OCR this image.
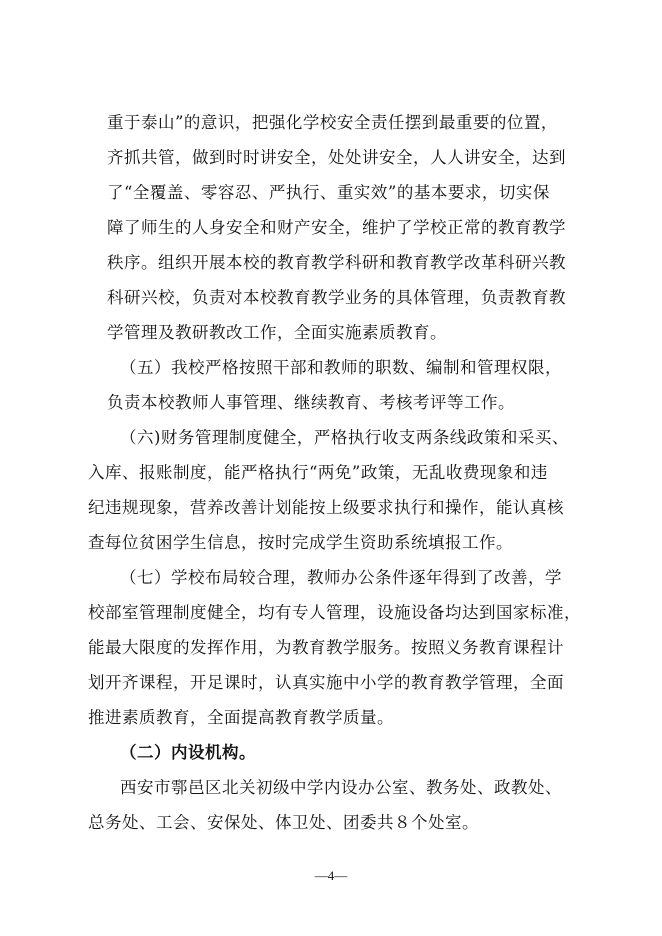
重于泰山”的意识，把强化学校安全责任摆到最重要的位置，
齐抓共管，做到时时讲安全，处处讲安全，人人讲安全，达到
了“全覆盖、零容忍、严执行、重实效”的基本要求，切实保
障了师生的人身安全和财产安全，维护了学校正常的教育教学
秩序。组织开展本校的教育教学科研和教育教学改革科研兴教
科研兴校，负责对本校教育教学业务的具体管理，负责教育教
学管理及教研教改工作，全面实施素质教育。
（五）我校严格按照干部和教师的职数、编制和管理权限，
负责本校教师人事管理、继续教育、考核考评等工作。
（六)财务管理制度健全，严格执行收支两条线政策和采买、
入库、报账制度，能严格执行“两免”政策，无乱收费现象和违
纪违规现象，营养改善计划能按上级要求执行和操作，能认真核
查每位贫困学生信息，按时完成学生资助系统填报工作。
（七）学校布局较合理，教师办公条件逐年得到了改善，学
校部室管理制度健全，均有专人管理，设施设备均达到国家标准，
能最大限度的发挥作用，为教育教学服务。按照义务教育课程计
划开齐课程，开足课时，认真实施中小学的教育教学管理，全面
推进素质教育，全面提高教育教学质量。
（二）内设机构。
西安市鄠邑区北关初级中学内设办公室、教务处、政教处、
总务处、工会、安保处、体卫处、团委共８个处室。
—4—
